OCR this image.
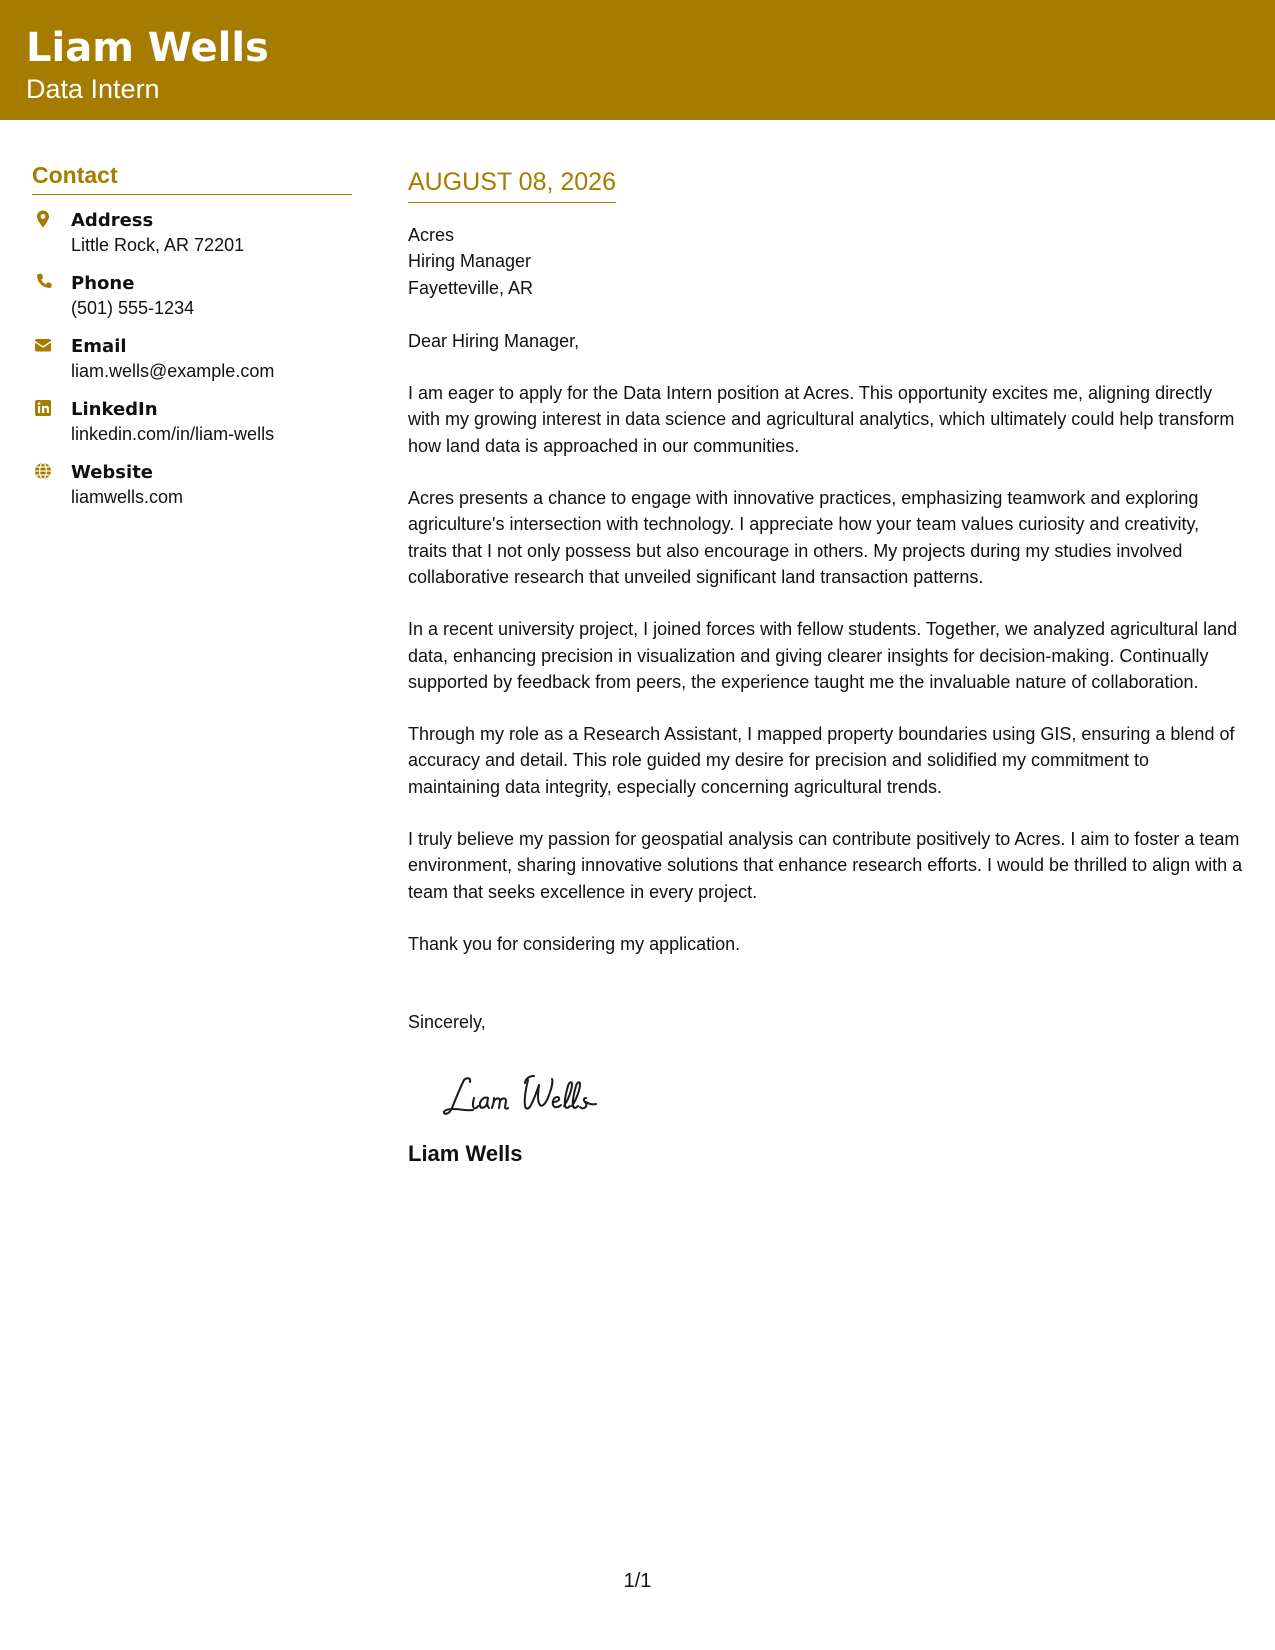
Liam Wells
Data Intern
Contact
Address
Little Rock, AR 72201
Phone
(501) 555-1234
Email
liam.wells@example.com
LinkedIn
linkedin.com/in/liam-wells
Website
liamwells.com
AUGUST 08, 2026
Acres
Hiring Manager
Fayetteville, AR
Dear Hiring Manager,

I am eager to apply for the Data Intern position at Acres. This opportunity excites me, aligning directly with my growing interest in data science and agricultural analytics, which ultimately could help transform how land data is approached in our communities.

Acres presents a chance to engage with innovative practices, emphasizing teamwork and exploring agriculture's intersection with technology. I appreciate how your team values curiosity and creativity, traits that I not only possess but also encourage in others. My projects during my studies involved collaborative research that unveiled significant land transaction patterns.

In a recent university project, I joined forces with fellow students. Together, we analyzed agricultural land data, enhancing precision in visualization and giving clearer insights for decision-making. Continually supported by feedback from peers, the experience taught me the invaluable nature of collaboration.

Through my role as a Research Assistant, I mapped property boundaries using GIS, ensuring a blend of accuracy and detail. This role guided my desire for precision and solidified my commitment to maintaining data integrity, especially concerning agricultural trends.

I truly believe my passion for geospatial analysis can contribute positively to Acres. I aim to foster a team environment, sharing innovative solutions that enhance research efforts. I would be thrilled to align with a team that seeks excellence in every project.

Thank you for considering my application.
Sincerely,
Liam Wells
1/1
